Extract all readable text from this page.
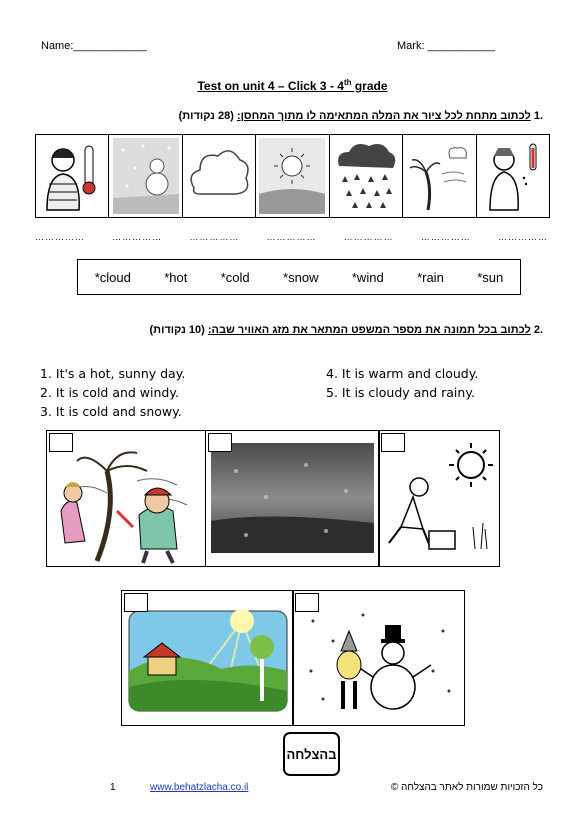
Name:____________	Mark: ___________
Test on unit 4 – Click 3 - 4th grade
.1 לכתוב מתחת לכל ציור את המלה המתאימה לו מתוך המחסן: (28 נקודות)
……………	……………	……………	……………	……………	……………	……………
*cloud	*hot	*cold	*snow	*wind	*rain	*sun
.2 לכתוב בכל תמונה את מספר המשפט המתאר את מזג האוויר שבה: (10 נקודות)
1. It's a hot, sunny day.
2. It is cold and windy.
3. It is cold and snowy.
4. It is warm and cloudy.
5. It is cloudy and rainy.
בהצלחה
1	www.behatzlacha.co.il	כל הזכויות שמורות לאתר בהצלחה ©
